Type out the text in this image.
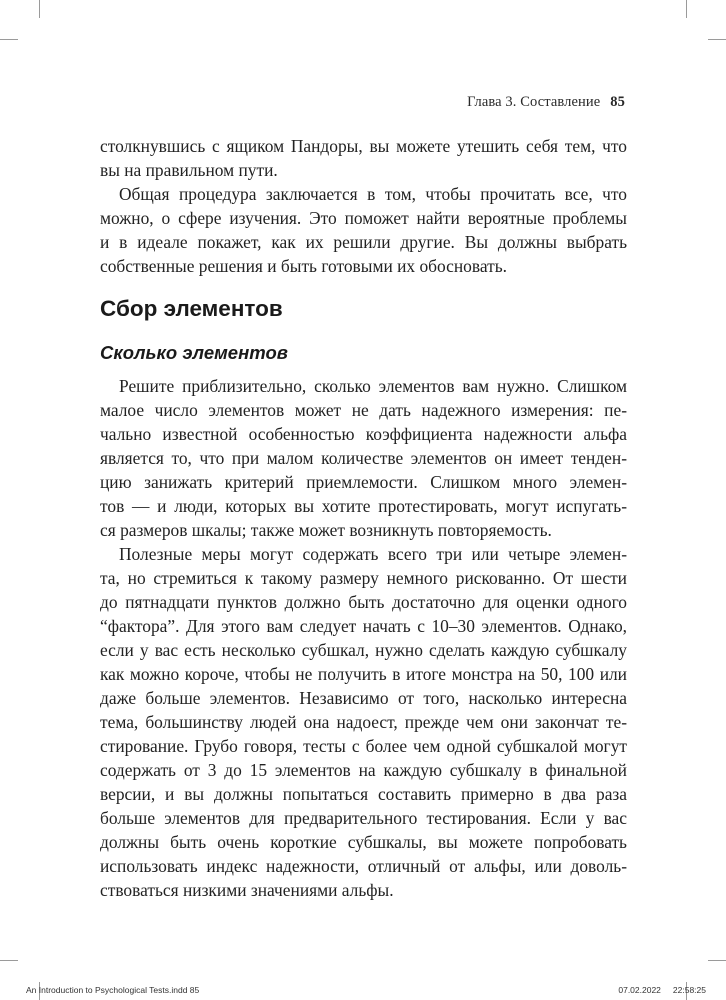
Глава 3. Составление 85
столкнувшись с ящиком Пандоры, вы можете утешить себя тем, что
вы на правильном пути.
Общая процедура заключается в том, чтобы прочитать все, что
можно, о сфере изучения. Это поможет найти вероятные проблемы
и в идеале покажет, как их решили другие. Вы должны выбрать
собственные решения и быть готовыми их обосновать.
Сбор элементов
Сколько элементов
Решите приблизительно, сколько элементов вам нужно. Слишком
малое число элементов может не дать надежного измерения: пе-
чально известной особенностью коэффициента надежности альфа
является то, что при малом количестве элементов он имеет тенден-
цию занижать критерий приемлемости. Слишком много элемен-
тов — и люди, которых вы хотите протестировать, могут испугать-
ся размеров шкалы; также может возникнуть повторяемость.
Полезные меры могут содержать всего три или четыре элемен-
та, но стремиться к такому размеру немного рискованно. От шести
до пятнадцати пунктов должно быть достаточно для оценки одного
“фактора”. Для этого вам следует начать с 10–30 элементов. Однако,
если у вас есть несколько субшкал, нужно сделать каждую субшкалу
как можно короче, чтобы не получить в итоге монстра на 50, 100 или
даже больше элементов. Независимо от того, насколько интересна
тема, большинству людей она надоест, прежде чем они закончат те-
стирование. Грубо говоря, тесты с более чем одной субшкалой могут
содержать от 3 до 15 элементов на каждую субшкалу в финальной
версии, и вы должны попытаться составить примерно в два раза
больше элементов для предварительного тестирования. Если у вас
должны быть очень короткие субшкалы, вы можете попробовать
использовать индекс надежности, отличный от альфы, или доволь-
ствоваться низкими значениями альфы.
An Introduction to Psychological Tests.indd 85	07.02.2022 22:58:25
